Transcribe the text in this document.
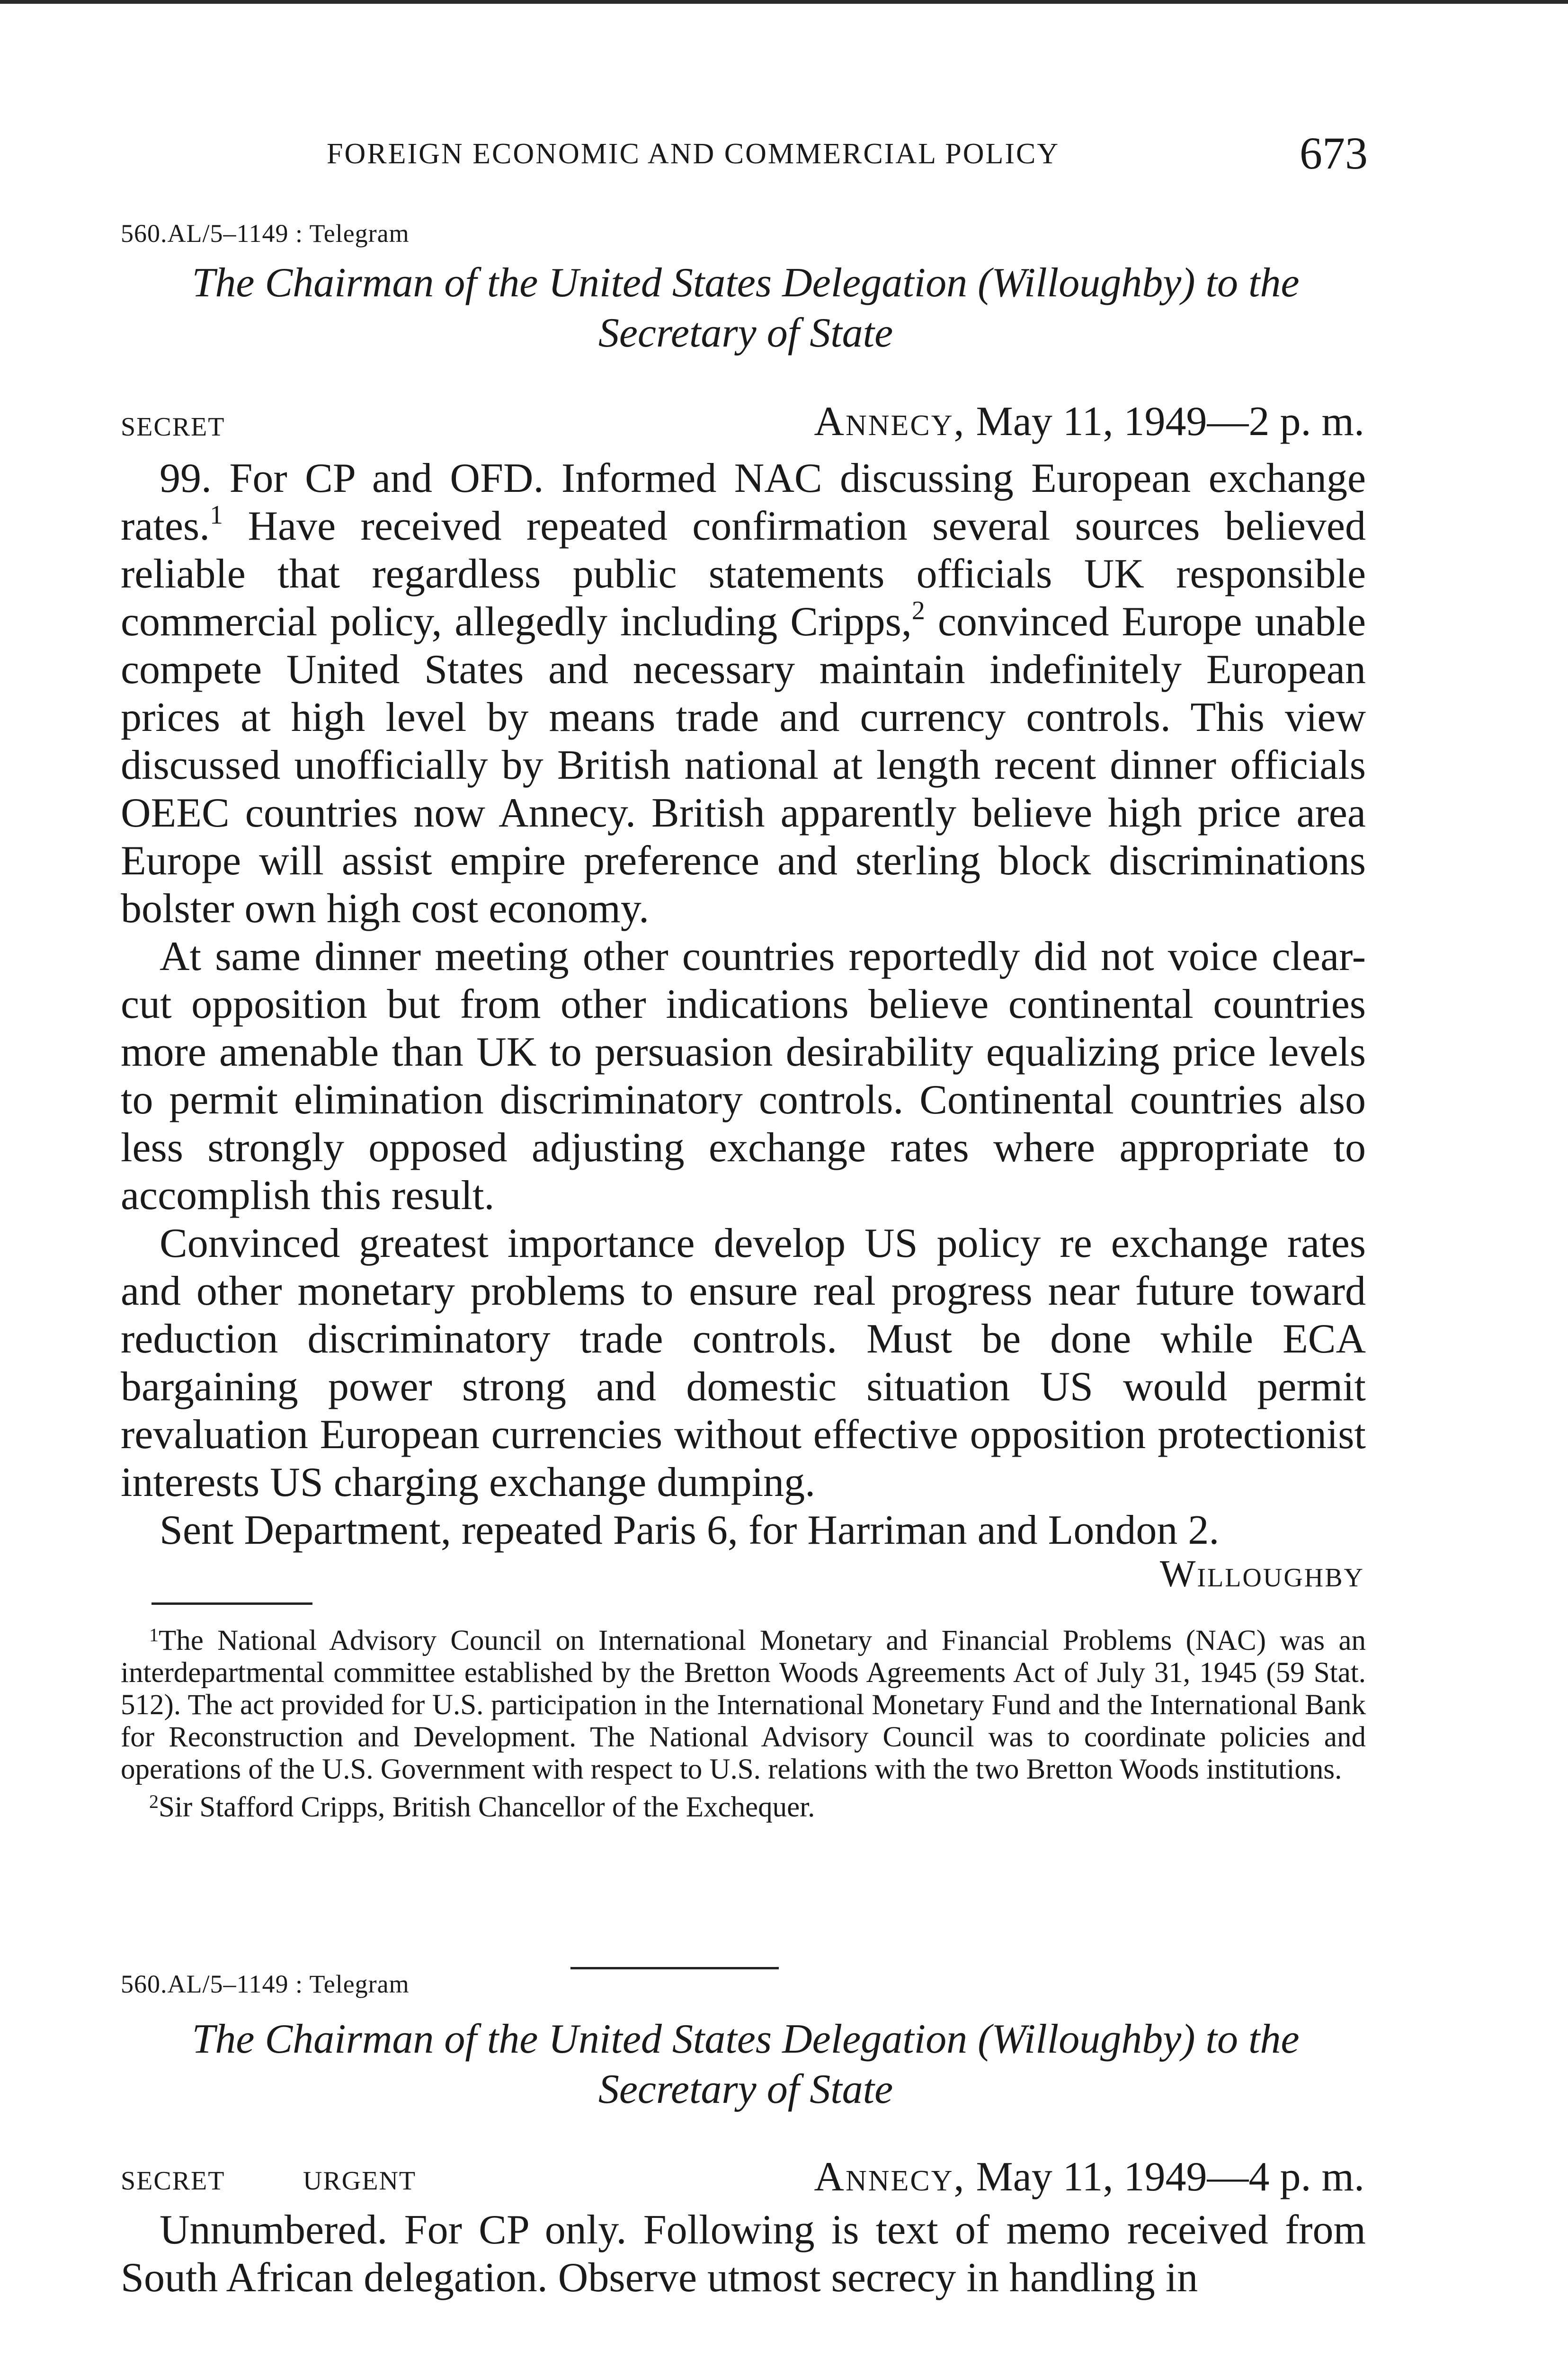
FOREIGN ECONOMIC AND COMMERCIAL POLICY	673
560.AL/5–1149 : Telegram
The Chairman of the United States Delegation (Willoughby) to the
Secretary of State
SECRET	Annecy, May 11, 1949—2 p. m.

99. For CP and OFD. Informed NAC discussing European exchange rates.$^1$ Have received repeated confirmation several sources believed reliable that regardless public statements officials UK responsible commercial policy, allegedly including Cripps,$^2$ convinced Europe unable compete United States and necessary maintain indefinitely European prices at high level by means trade and currency controls. This view discussed unofficially by British national at length recent dinner officials OEEC countries now Annecy. British apparently believe high price area Europe will assist empire preference and sterling block discriminations bolster own high cost economy.

At same dinner meeting other countries reportedly did not voice clear-cut opposition but from other indications believe continental countries more amenable than UK to persuasion desirability equalizing price levels to permit elimination discriminatory controls. Continental countries also less strongly opposed adjusting exchange rates where appropriate to accomplish this result.

Convinced greatest importance develop US policy re exchange rates and other monetary problems to ensure real progress near future toward reduction discriminatory trade controls. Must be done while ECA bargaining power strong and domestic situation US would permit revaluation European currencies without effective opposition protectionist interests US charging exchange dumping.

Sent Department, repeated Paris 6, for Harriman and London 2.

Willoughby

$^1$The National Advisory Council on International Monetary and Financial Problems (NAC) was an interdepartmental committee established by the Bretton Woods Agreements Act of July 31, 1945 (59 Stat. 512). The act provided for U.S. participation in the International Monetary Fund and the International Bank for Reconstruction and Development. The National Advisory Council was to coordinate policies and operations of the U.S. Government with respect to U.S. relations with the two Bretton Woods institutions.

$^2$Sir Stafford Cripps, British Chancellor of the Exchequer.

560.AL/5–1149 : Telegram
The Chairman of the United States Delegation (Willoughby) to the
Secretary of State
SECRET	URGENT	Annecy, May 11, 1949—4 p. m.

Unnumbered. For CP only. Following is text of memo received from South African delegation. Observe utmost secrecy in handling in
